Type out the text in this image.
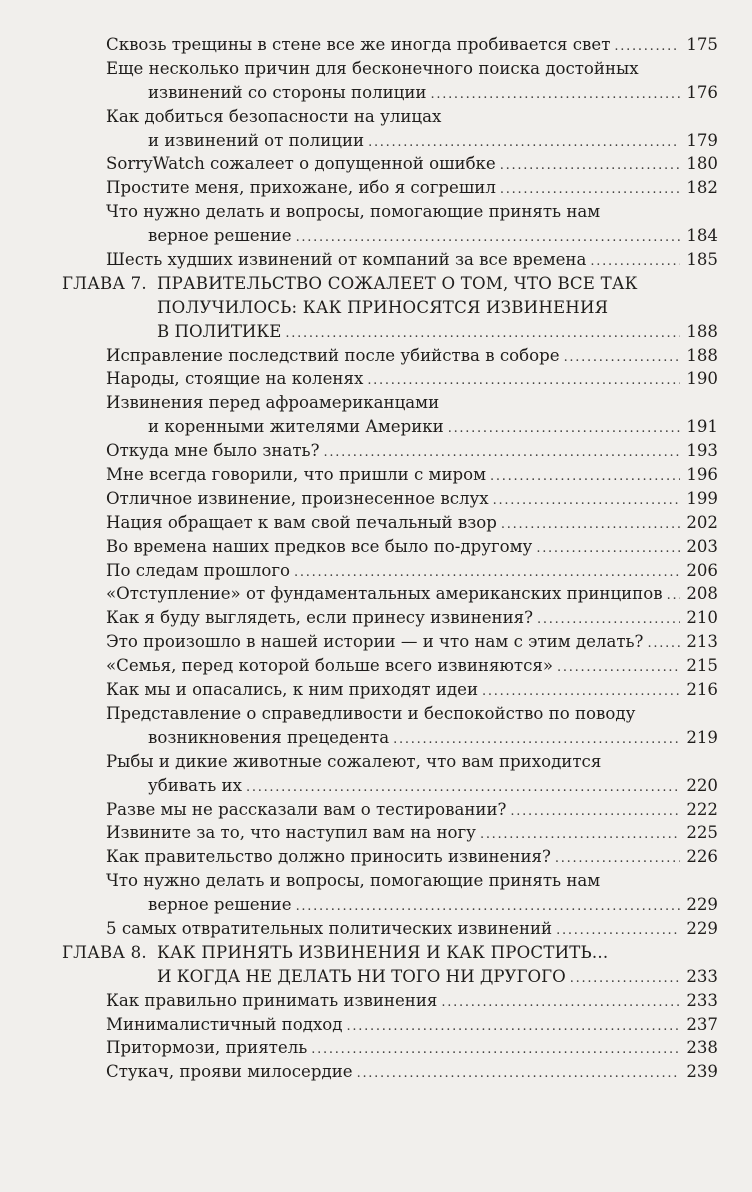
Сквозь трещины в стене все же иногда пробивается свет . . .	175
Еще несколько причин для бесконечного поиска достойных
извинений со стороны полиции . . .	176
Как добиться безопасности на улицах
и извинений от полиции . . .	179
SorryWatch сожалеет о допущенной ошибке . . .	180
Простите меня, прихожане, ибо я согрешил . . .	182
Что нужно делать и вопросы, помогающие принять нам
верное решение . . .	184
Шесть худших извинений от компаний за все времена . . .	185
ГЛАВА 7. ПРАВИТЕЛЬСТВО СОЖАЛЕЕТ О ТОМ, ЧТО ВСЕ ТАК
ПОЛУЧИЛОСЬ: КАК ПРИНОСЯТСЯ ИЗВИНЕНИЯ
В ПОЛИТИКЕ . . .	188
Исправление последствий после убийства в соборе . . .	188
Народы, стоящие на коленях . . .	190
Извинения перед афроамериканцами
и коренными жителями Америки . . .	191
Откуда мне было знать? . . .	193
Мне всегда говорили, что пришли с миром . . .	196
Отличное извинение, произнесенное вслух . . .	199
Нация обращает к вам свой печальный взор . . .	202
Во времена наших предков все было по-другому . . .	203
По следам прошлого . . .	206
«Отступление» от фундаментальных американских принципов . . . 208
Как я буду выглядеть, если принесу извинения? . . .	210
Это произошло в нашей истории — и что нам с этим делать? . . .	213
«Семья, перед которой больше всего извиняются» . . .	215
Как мы и опасались, к ним приходят идеи . . .	216
Представление о справедливости и беспокойство по поводу
возникновения прецедента . . .	219
Рыбы и дикие животные сожалеют, что вам приходится
убивать их . . .	220
Разве мы не рассказали вам о тестировании? . . .	222
Извините за то, что наступил вам на ногу . . .	225
Как правительство должно приносить извинения? . . .	226
Что нужно делать и вопросы, помогающие принять нам
верное решение . . .	229
5 самых отвратительных политических извинений . . .	229
ГЛАВА 8. КАК ПРИНЯТЬ ИЗВИНЕНИЯ И КАК ПРОСТИТЬ...
И КОГДА НЕ ДЕЛАТЬ НИ ТОГО НИ ДРУГОГО . . .	233
Как правильно принимать извинения . . .	233
Минималистичный подход . . .	237
Притормози, приятель . . .	238
Стукач, прояви милосердие . . .	239
